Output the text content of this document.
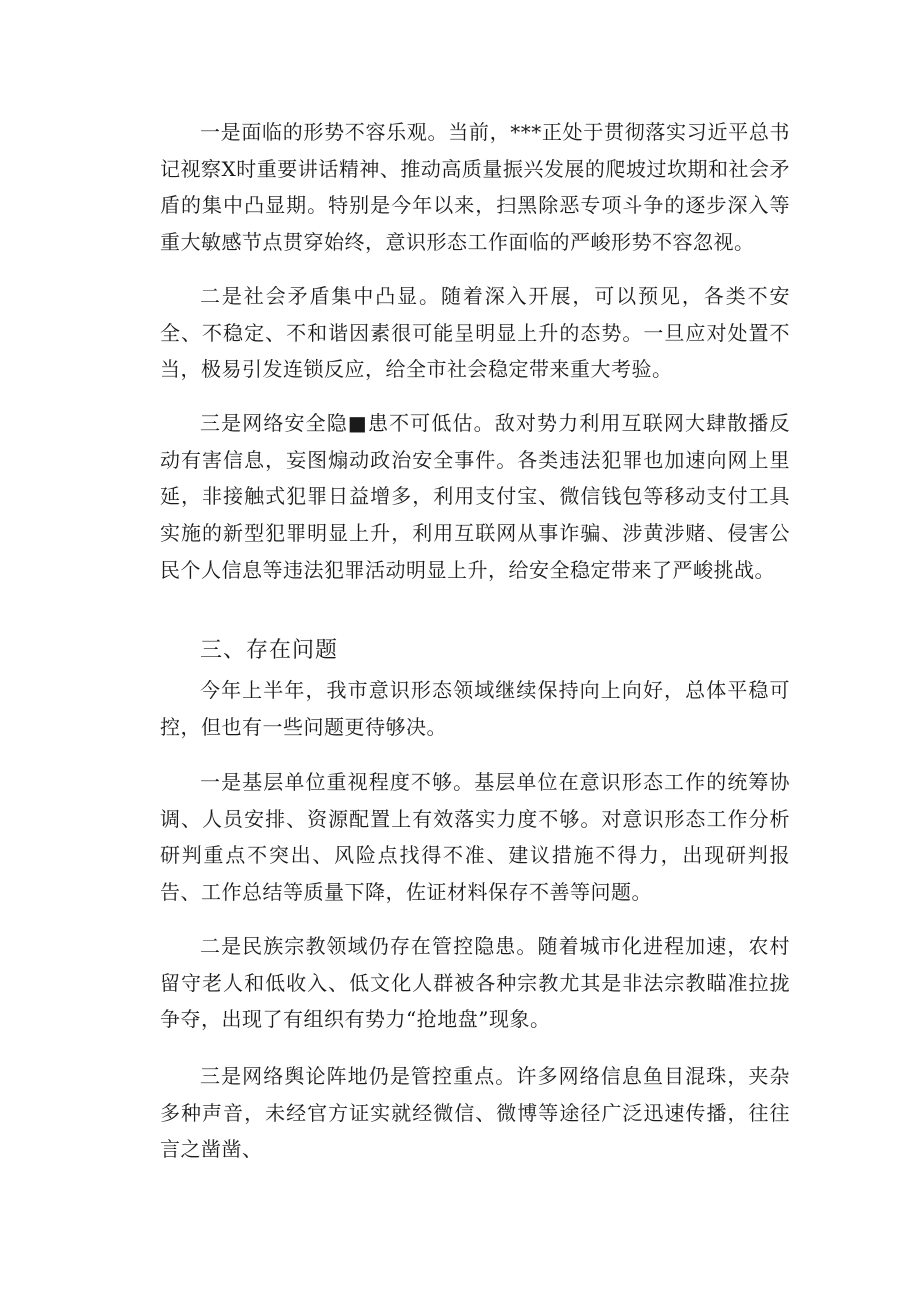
一是面临的形势不容乐观。当前，***正处于贯彻落实习近平总书记视察X时重要讲话精神、推动高质量振兴发展的爬坡过坎期和社会矛盾的集中凸显期。特别是今年以来，扫黑除恶专项斗争的逐步深入等重大敏感节点贯穿始终，意识形态工作面临的严峻形势不容忽视。

二是社会矛盾集中凸显。随着深入开展，可以预见，各类不安全、不稳定、不和谐因素很可能呈明显上升的态势。一旦应对处置不当，极易引发连锁反应，给全市社会稳定带来重大考验。

三是网络安全隐■患不可低估。敌对势力利用互联网大肆散播反动有害信息，妄图煽动政治安全事件。各类违法犯罪也加速向网上里延，非接触式犯罪日益增多，利用支付宝、微信钱包等移动支付工具实施的新型犯罪明显上升，利用互联网从事诈骗、涉黄涉赌、侵害公民个人信息等违法犯罪活动明显上升，给安全稳定带来了严峻挑战。

三、存在问题

今年上半年，我市意识形态领域继续保持向上向好，总体平稳可控，但也有一些问题更待够决。

一是基层单位重视程度不够。基层单位在意识形态工作的统筹协调、人员安排、资源配置上有效落实力度不够。对意识形态工作分析研判重点不突出、风险点找得不准、建议措施不得力，出现研判报告、工作总结等质量下降，佐证材料保存不善等问题。

二是民族宗教领域仍存在管控隐患。随着城市化进程加速，农村留守老人和低收入、低文化人群被各种宗教尤其是非法宗教瞄准拉拢争夺，出现了有组织有势力“抢地盘”现象。

三是网络舆论阵地仍是管控重点。许多网络信息鱼目混珠，夹杂多种声音，未经官方证实就经微信、微博等途径广泛迅速传播，往往言之凿凿、
